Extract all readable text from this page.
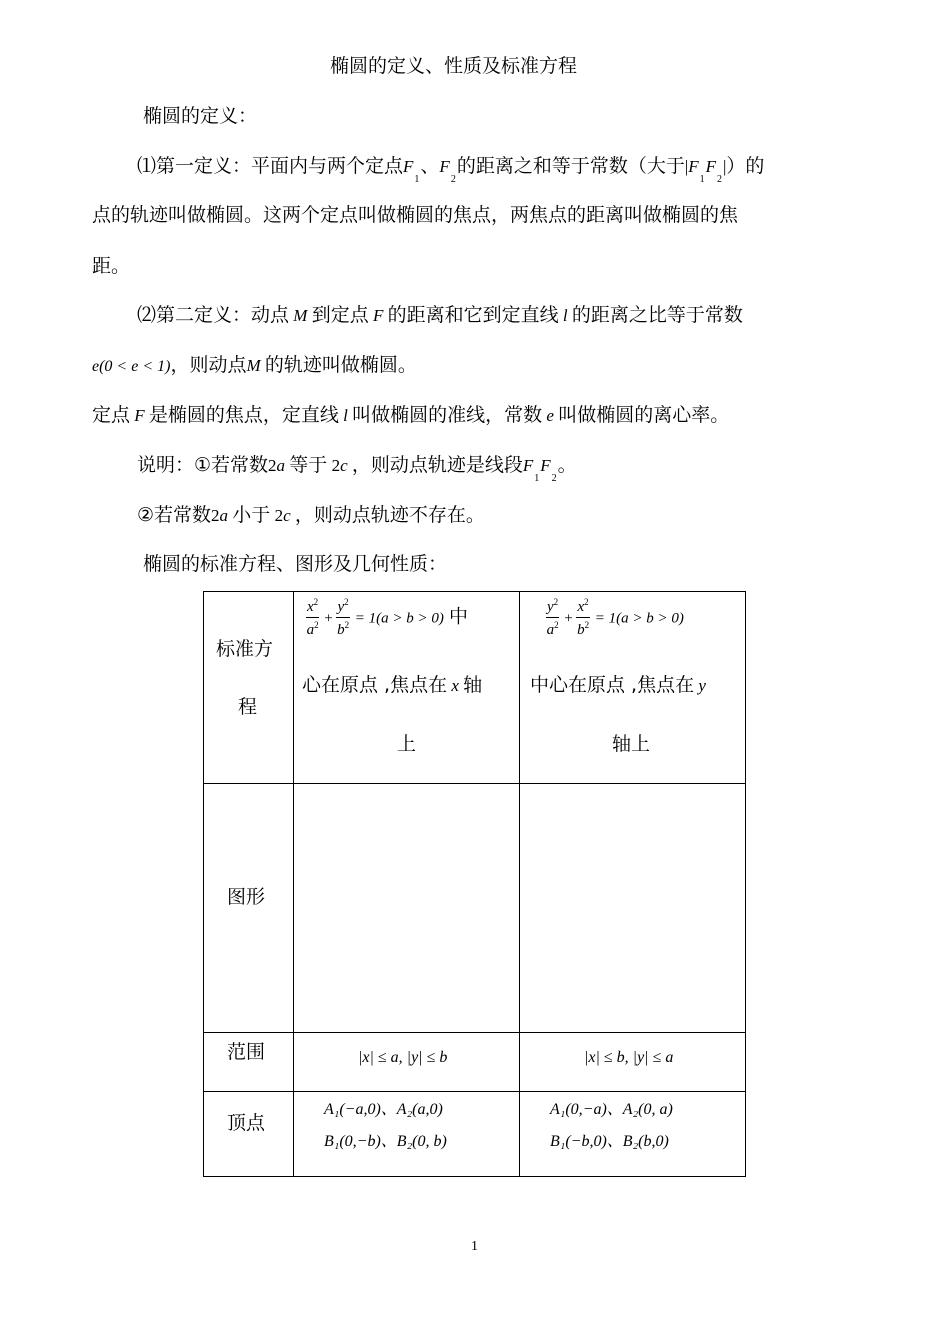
椭圆的定义、性质及标准方程
椭圆的定义：
⑴第一定义：平面内与两个定点$F_1$、$F_2$的距离之和等于常数（大于$|F_1F_2|$）的
点的轨迹叫做椭圆。这两个定点叫做椭圆的焦点，两焦点的距离叫做椭圆的焦
距。
⑵第二定义：动点 M 到定点 F 的距离和它到定直线 l 的距离之比等于常数
e(0 < e < 1)，则动点M 的轨迹叫做椭圆。
定点 F 是椭圆的焦点，定直线 l 叫做椭圆的准线，常数 e 叫做椭圆的离心率。
说明：①若常数2a 等于 2c ，则动点轨迹是线段$F_1F_2$。
②若常数2a 小于 2c ，则动点轨迹不存在。
椭圆的标准方程、图形及几何性质：
标准方
程
$\frac{x^2}{a^2} + \frac{y^2}{b^2} = 1(a > b > 0)$ 中
心在原点 ,焦点在 x 轴
上
$\frac{y^2}{a^2} + \frac{x^2}{b^2} = 1(a > b > 0)$
中心在原点 ,焦点在 y
轴上
图形
范围	|x| ≤ a, |y| ≤ b	|x| ≤ b, |y| ≤ a
顶点
A₁(−a,0)、A₂(a,0)
B₁(0,−b)、B₂(0, b)
A₁(0,−a)、A₂(0, a)
B₁(−b,0)、B₂(b,0)
1
